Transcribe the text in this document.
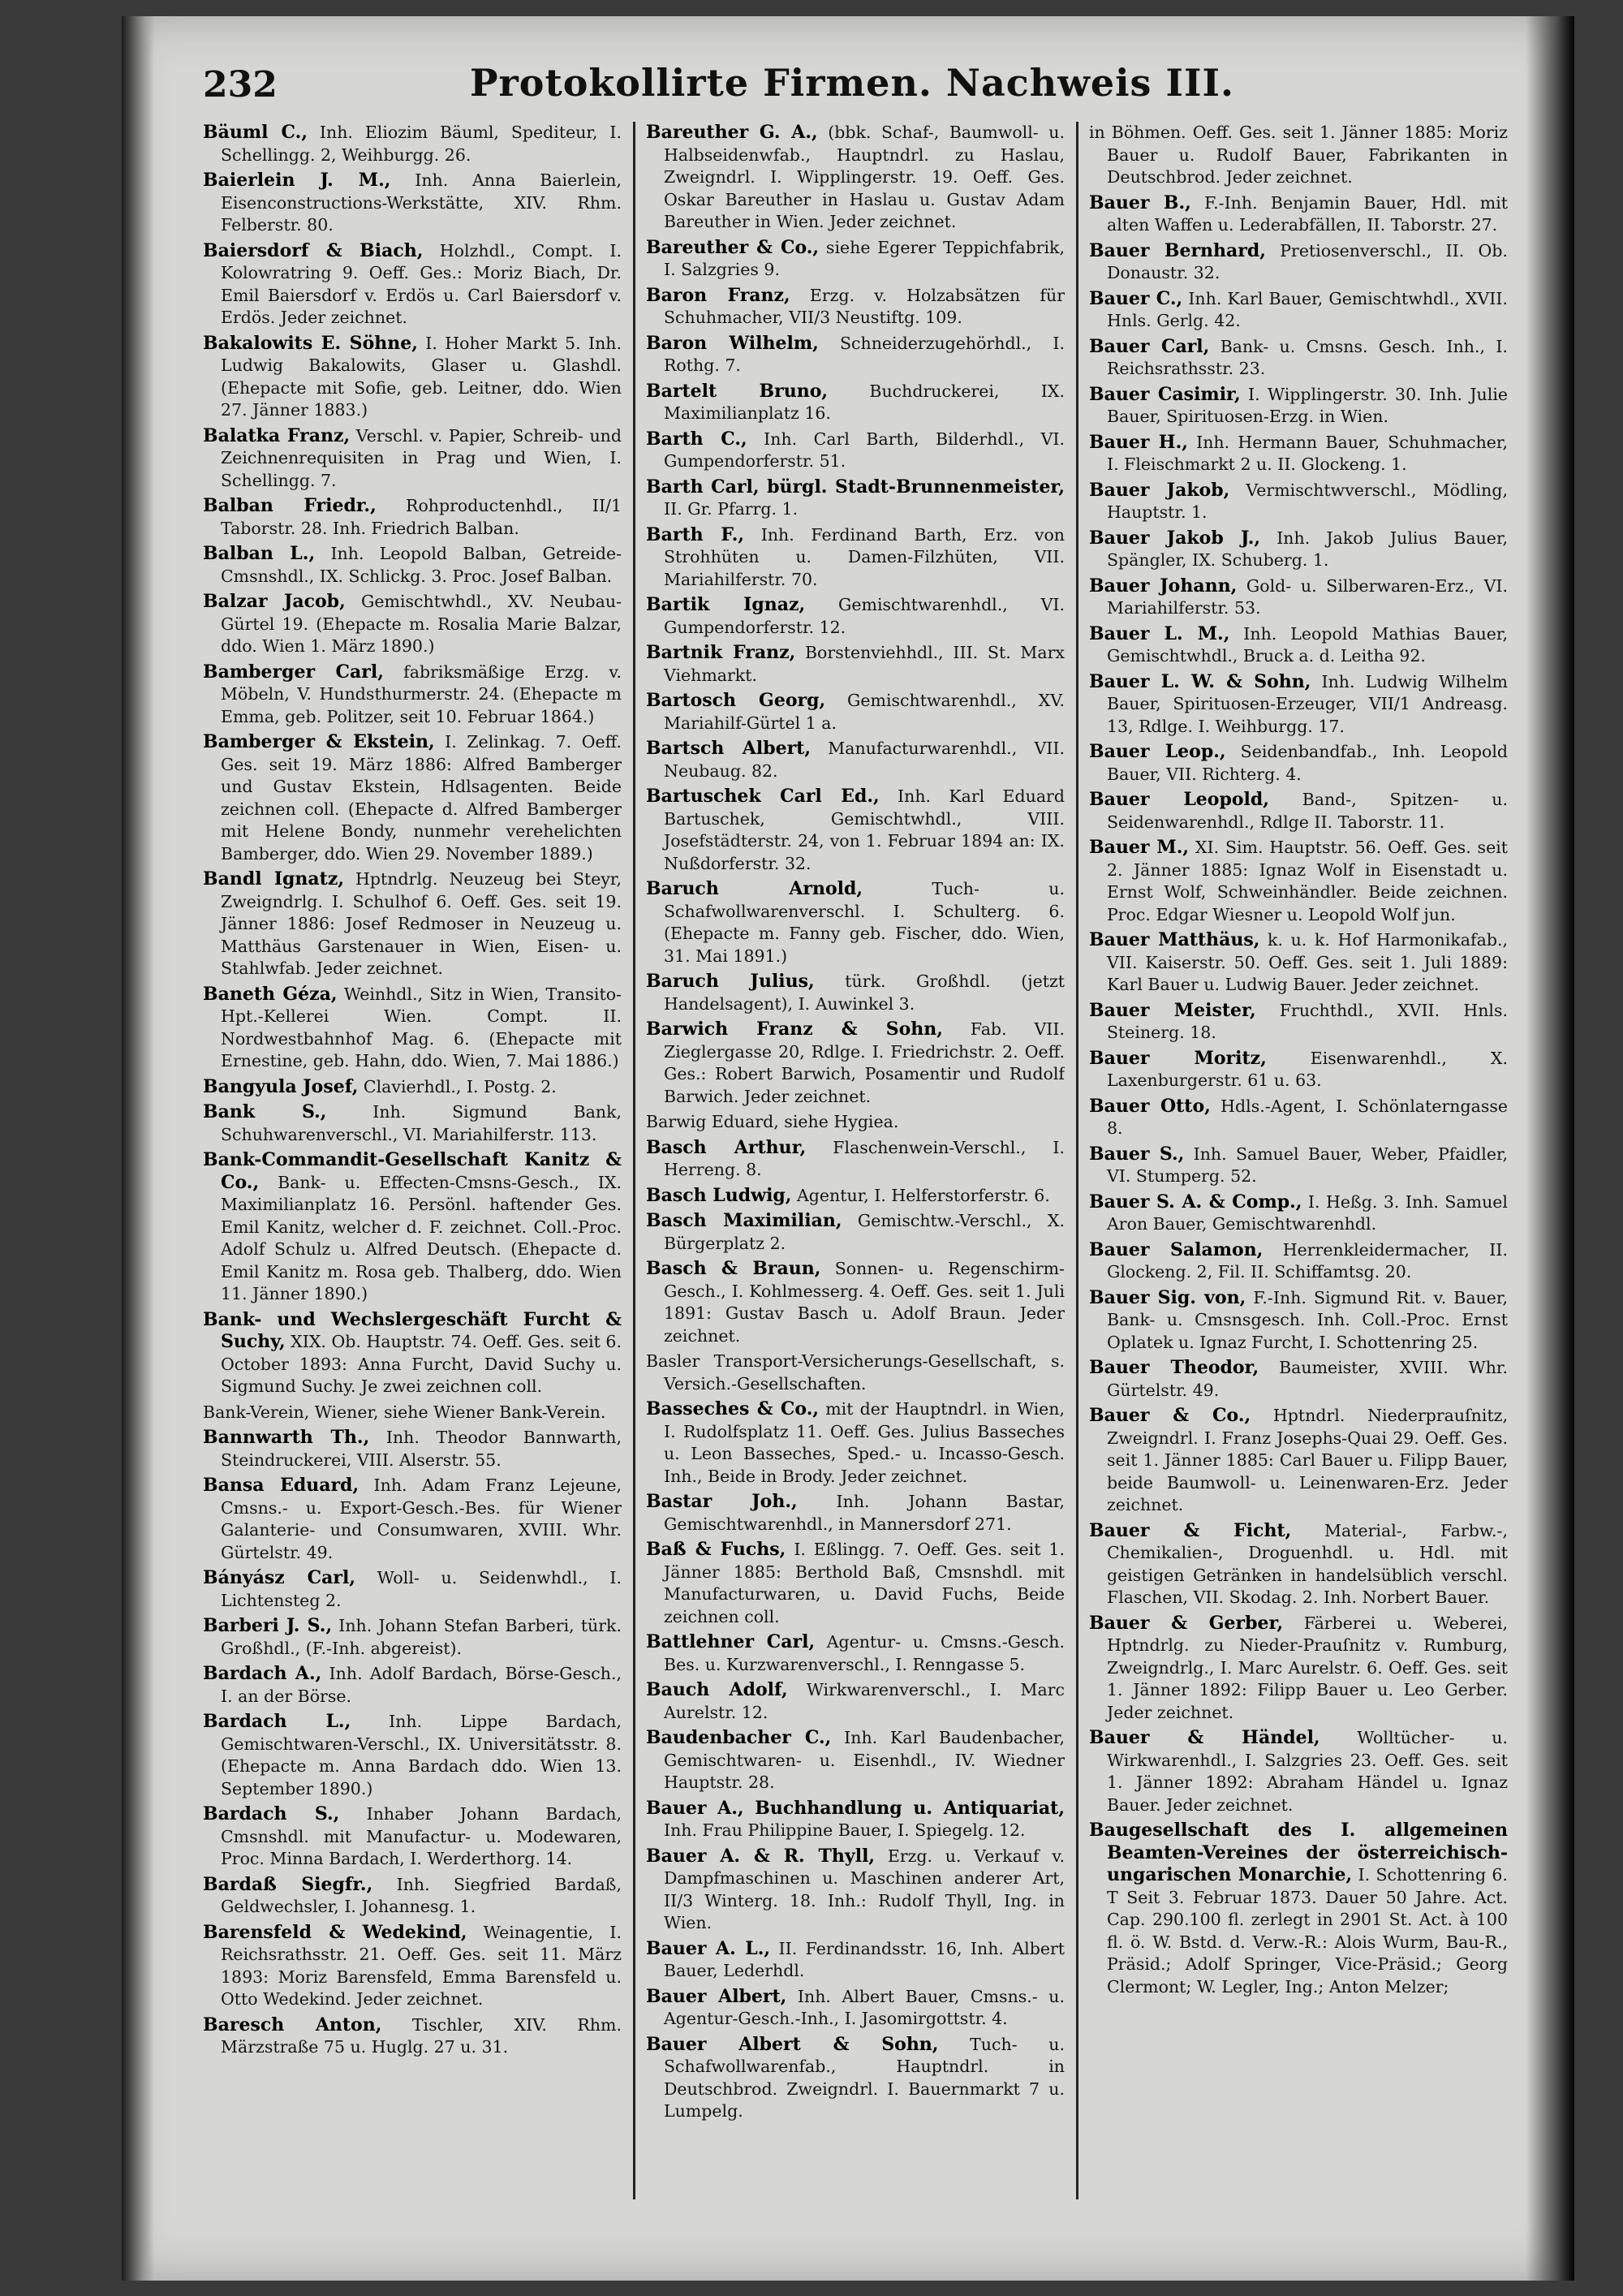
232	Protokollirte Firmen. Nachweis III.
Bäuml C., Inh. Eliozim Bäuml, Spediteur, I. Schellingg. 2, Weihburgg. 26.
Baierlein J. M., Inh. Anna Baierlein, Eisenconstructions-Werkstätte, XIV. Rhm. Felberstr. 80.
Baiersdorf & Biach, Holzhdl., Compt. I. Kolowratring 9. Oeff. Ges.: Moriz Biach, Dr. Emil Baiersdorf v. Erdös u. Carl Baiersdorf v. Erdös. Jeder zeichnet.
Bakalowits E. Söhne, I. Hoher Markt 5. Inh. Ludwig Bakalowits, Glaser u. Glashdl. (Ehepacte mit Sofie, geb. Leitner, ddo. Wien 27. Jänner 1883.)
Balatka Franz, Verschl. v. Papier, Schreib- und Zeichnenrequisiten in Prag und Wien, I. Schellingg. 7.
Balban Friedr., Rohproductenhdl., II/1 Taborstr. 28. Inh. Friedrich Balban.
Balban L., Inh. Leopold Balban, Getreide-Cmsnshdl., IX. Schlickg. 3. Proc. Josef Balban.
Balzar Jacob, Gemischtwhdl., XV. Neubau-Gürtel 19. (Ehepacte m. Rosalia Marie Balzar, ddo. Wien 1. März 1890.)
Bamberger Carl, fabriksmäßige Erzg. v. Möbeln, V. Hundsthurmerstr. 24. (Ehepacte m Emma, geb. Politzer, seit 10. Februar 1864.)
Bamberger & Ekstein, I. Zelinkag. 7. Oeff. Ges. seit 19. März 1886: Alfred Bamberger und Gustav Ekstein, Hdlsagenten. Beide zeichnen coll. (Ehepacte d. Alfred Bamberger mit Helene Bondy, nunmehr verehelichten Bamberger, ddo. Wien 29. November 1889.)
Bandl Ignatz, Hptndrlg. Neuzeug bei Steyr, Zweigndrlg. I. Schulhof 6. Oeff. Ges. seit 19. Jänner 1886: Josef Redmoser in Neuzeug u. Matthäus Garstenauer in Wien, Eisen- u. Stahlwfab. Jeder zeichnet.
Baneth Géza, Weinhdl., Sitz in Wien, Transito-Hpt.-Kellerei Wien. Compt. II. Nordwestbahnhof Mag. 6. (Ehepacte mit Ernestine, geb. Hahn, ddo. Wien, 7. Mai 1886.)
Bangyula Josef, Clavierhdl., I. Postg. 2.
Bank S., Inh. Sigmund Bank, Schuhwarenverschl., VI. Mariahilferstr. 113.
Bank-Commandit-Gesellschaft Kanitz & Co., Bank- u. Effecten-Cmsns-Gesch., IX. Maximilianplatz 16. Persönl. haftender Ges. Emil Kanitz, welcher d. F. zeichnet. Coll.-Proc. Adolf Schulz u. Alfred Deutsch. (Ehepacte d. Emil Kanitz m. Rosa geb. Thalberg, ddo. Wien 11. Jänner 1890.)
Bank- und Wechslergeschäft Furcht & Suchy, XIX. Ob. Hauptstr. 74. Oeff. Ges. seit 6. October 1893: Anna Furcht, David Suchy u. Sigmund Suchy. Je zwei zeichnen coll.
Bank-Verein, Wiener, siehe Wiener Bank-Verein.
Bannwarth Th., Inh. Theodor Bannwarth, Steindruckerei, VIII. Alserstr. 55.
Bansa Eduard, Inh. Adam Franz Lejeune, Cmsns.- u. Export-Gesch.-Bes. für Wiener Galanterie- und Consumwaren, XVIII. Whr. Gürtelstr. 49.
Bányász Carl, Woll- u. Seidenwhdl., I. Lichtensteg 2.
Barberi J. S., Inh. Johann Stefan Barberi, türk. Großhdl., (F.-Inh. abgereist).
Bardach A., Inh. Adolf Bardach, Börse-Gesch., I. an der Börse.
Bardach L., Inh. Lippe Bardach, Gemischtwaren-Verschl., IX. Universitätsstr. 8. (Ehepacte m. Anna Bardach ddo. Wien 13. September 1890.)
Bardach S., Inhaber Johann Bardach, Cmsnshdl. mit Manufactur- u. Modewaren, Proc. Minna Bardach, I. Werderthorg. 14.
Bardaß Siegfr., Inh. Siegfried Bardaß, Geldwechsler, I. Johannesg. 1.
Barensfeld & Wedekind, Weinagentie, I. Reichsrathsstr. 21. Oeff. Ges. seit 11. März 1893: Moriz Barensfeld, Emma Barensfeld u. Otto Wedekind. Jeder zeichnet.
Baresch Anton, Tischler, XIV. Rhm. Märzstraße 75 u. Huglg. 27 u. 31.
Bareuther G. A., (bbk. Schaf-, Baumwoll- u. Halbseidenwfab., Hauptndrl. zu Haslau, Zweigndrl. I. Wipplingerstr. 19. Oeff. Ges. Oskar Bareuther in Haslau u. Gustav Adam Bareuther in Wien. Jeder zeichnet.
Bareuther & Co., siehe Egerer Teppichfabrik, I. Salzgries 9.
Baron Franz, Erzg. v. Holzabsätzen für Schuhmacher, VII/3 Neustiftg. 109.
Baron Wilhelm, Schneiderzugehörhdl., I. Rothg. 7.
Bartelt Bruno, Buchdruckerei, IX. Maximilianplatz 16.
Barth C., Inh. Carl Barth, Bilderhdl., VI. Gumpendorferstr. 51.
Barth Carl, bürgl. Stadt-Brunnenmeister, II. Gr. Pfarrg. 1.
Barth F., Inh. Ferdinand Barth, Erz. von Strohhüten u. Damen-Filzhüten, VII. Mariahilferstr. 70.
Bartik Ignaz, Gemischtwarenhdl., VI. Gumpendorferstr. 12.
Bartnik Franz, Borstenviehhdl., III. St. Marx Viehmarkt.
Bartosch Georg, Gemischtwarenhdl., XV. Mariahilf-Gürtel 1 a.
Bartsch Albert, Manufacturwarenhdl., VII. Neubaug. 82.
Bartuschek Carl Ed., Inh. Karl Eduard Bartuschek, Gemischtwhdl., VIII. Josefstädterstr. 24, von 1. Februar 1894 an: IX. Nußdorferstr. 32.
Baruch Arnold, Tuch- u. Schafwollwarenverschl. I. Schulterg. 6. (Ehepacte m. Fanny geb. Fischer, ddo. Wien, 31. Mai 1891.)
Baruch Julius, türk. Großhdl. (jetzt Handelsagent), I. Auwinkel 3.
Barwich Franz & Sohn, Fab. VII. Zieglergasse 20, Rdlge. I. Friedrichstr. 2. Oeff. Ges.: Robert Barwich, Posamentir und Rudolf Barwich. Jeder zeichnet.
Barwig Eduard, siehe Hygiea.
Basch Arthur, Flaschenwein-Verschl., I. Herreng. 8.
Basch Ludwig, Agentur, I. Helferstorferstr. 6.
Basch Maximilian, Gemischtw.-Verschl., X. Bürgerplatz 2.
Basch & Braun, Sonnen- u. Regenschirm-Gesch., I. Kohlmesserg. 4. Oeff. Ges. seit 1. Juli 1891: Gustav Basch u. Adolf Braun. Jeder zeichnet.
Basler Transport-Versicherungs-Gesellschaft, s. Versich.-Gesellschaften.
Basseches & Co., mit der Hauptndrl. in Wien, I. Rudolfsplatz 11. Oeff. Ges. Julius Basseches u. Leon Basseches, Sped.- u. Incasso-Gesch. Inh., Beide in Brody. Jeder zeichnet.
Bastar Joh., Inh. Johann Bastar, Gemischtwarenhdl., in Mannersdorf 271.
Baß & Fuchs, I. Eßlingg. 7. Oeff. Ges. seit 1. Jänner 1885: Berthold Baß, Cmsnshdl. mit Manufacturwaren, u. David Fuchs, Beide zeichnen coll.
Battlehner Carl, Agentur- u. Cmsns.-Gesch. Bes. u. Kurzwarenverschl., I. Renngasse 5.
Bauch Adolf, Wirkwarenverschl., I. Marc Aurelstr. 12.
Baudenbacher C., Inh. Karl Baudenbacher, Gemischtwaren- u. Eisenhdl., IV. Wiedner Hauptstr. 28.
Bauer A., Buchhandlung u. Antiquariat, Inh. Frau Philippine Bauer, I. Spiegelg. 12.
Bauer A. & R. Thyll, Erzg. u. Verkauf v. Dampfmaschinen u. Maschinen anderer Art, II/3 Winterg. 18. Inh.: Rudolf Thyll, Ing. in Wien.
Bauer A. L., II. Ferdinandsstr. 16, Inh. Albert Bauer, Lederhdl.
Bauer Albert, Inh. Albert Bauer, Cmsns.- u. Agentur-Gesch.-Inh., I. Jasomirgottstr. 4.
Bauer Albert & Sohn, Tuch- u. Schafwollwarenfab., Hauptndrl. in Deutschbrod. Zweigndrl. I. Bauernmarkt 7 u. Lumpelg.
in Böhmen. Oeff. Ges. seit 1. Jänner 1885: Moriz Bauer u. Rudolf Bauer, Fabrikanten in Deutschbrod. Jeder zeichnet.
Bauer B., F.-Inh. Benjamin Bauer, Hdl. mit alten Waffen u. Lederabfällen, II. Taborstr. 27.
Bauer Bernhard, Pretiosenverschl., II. Ob. Donaustr. 32.
Bauer C., Inh. Karl Bauer, Gemischtwhdl., XVII. Hnls. Gerlg. 42.
Bauer Carl, Bank- u. Cmsns. Gesch. Inh., I. Reichsrathsstr. 23.
Bauer Casimir, I. Wipplingerstr. 30. Inh. Julie Bauer, Spirituosen-Erzg. in Wien.
Bauer H., Inh. Hermann Bauer, Schuhmacher, I. Fleischmarkt 2 u. II. Glockeng. 1.
Bauer Jakob, Vermischtwverschl., Mödling, Hauptstr. 1.
Bauer Jakob J., Inh. Jakob Julius Bauer, Spängler, IX. Schuberg. 1.
Bauer Johann, Gold- u. Silberwaren-Erz., VI. Mariahilferstr. 53.
Bauer L. M., Inh. Leopold Mathias Bauer, Gemischtwhdl., Bruck a. d. Leitha 92.
Bauer L. W. & Sohn, Inh. Ludwig Wilhelm Bauer, Spirituosen-Erzeuger, VII/1 Andreasg. 13, Rdlge. I. Weihburgg. 17.
Bauer Leop., Seidenbandfab., Inh. Leopold Bauer, VII. Richterg. 4.
Bauer Leopold, Band-, Spitzen- u. Seidenwarenhdl., Rdlge II. Taborstr. 11.
Bauer M., XI. Sim. Hauptstr. 56. Oeff. Ges. seit 2. Jänner 1885: Ignaz Wolf in Eisenstadt u. Ernst Wolf, Schweinhändler. Beide zeichnen. Proc. Edgar Wiesner u. Leopold Wolf jun.
Bauer Matthäus, k. u. k. Hof Harmonikafab., VII. Kaiserstr. 50. Oeff. Ges. seit 1. Juli 1889: Karl Bauer u. Ludwig Bauer. Jeder zeichnet.
Bauer Meister, Fruchthdl., XVII. Hnls. Steinerg. 18.
Bauer Moritz, Eisenwarenhdl., X. Laxenburgerstr. 61 u. 63.
Bauer Otto, Hdls.-Agent, I. Schönlaterngasse 8.
Bauer S., Inh. Samuel Bauer, Weber, Pfaidler, VI. Stumperg. 52.
Bauer S. A. & Comp., I. Heßg. 3. Inh. Samuel Aron Bauer, Gemischtwarenhdl.
Bauer Salamon, Herrenkleidermacher, II. Glockeng. 2, Fil. II. Schiffamtsg. 20.
Bauer Sig. von, F.-Inh. Sigmund Rit. v. Bauer, Bank- u. Cmsnsgesch. Inh. Coll.-Proc. Ernst Oplatek u. Ignaz Furcht, I. Schottenring 25.
Bauer Theodor, Baumeister, XVIII. Whr. Gürtelstr. 49.
Bauer & Co., Hptndrl. Niederprauſnitz, Zweigndrl. I. Franz Josephs-Quai 29. Oeff. Ges. seit 1. Jänner 1885: Carl Bauer u. Filipp Bauer, beide Baumwoll- u. Leinenwaren-Erz. Jeder zeichnet.
Bauer & Ficht, Material-, Farbw.-, Chemikalien-, Droguenhdl. u. Hdl. mit geistigen Getränken in handelsüblich verschl. Flaschen, VII. Skodag. 2. Inh. Norbert Bauer.
Bauer & Gerber, Färberei u. Weberei, Hptndrlg. zu Nieder-Prauſnitz v. Rumburg, Zweigndrlg., I. Marc Aurelstr. 6. Oeff. Ges. seit 1. Jänner 1892: Filipp Bauer u. Leo Gerber. Jeder zeichnet.
Bauer & Händel, Wolltücher- u. Wirkwarenhdl., I. Salzgries 23. Oeff. Ges. seit 1. Jänner 1892: Abraham Händel u. Ignaz Bauer. Jeder zeichnet.
Baugesellschaft des I. allgemeinen Beamten-Vereines der österreichisch-ungarischen Monarchie, I. Schottenring 6. T Seit 3. Februar 1873. Dauer 50 Jahre. Act. Cap. 290.100 fl. zerlegt in 2901 St. Act. à 100 fl. ö. W. Bstd. d. Verw.-R.: Alois Wurm, Bau-R., Präsid.; Adolf Springer, Vice-Präsid.; Georg Clermont; W. Legler, Ing.; Anton Melzer;
